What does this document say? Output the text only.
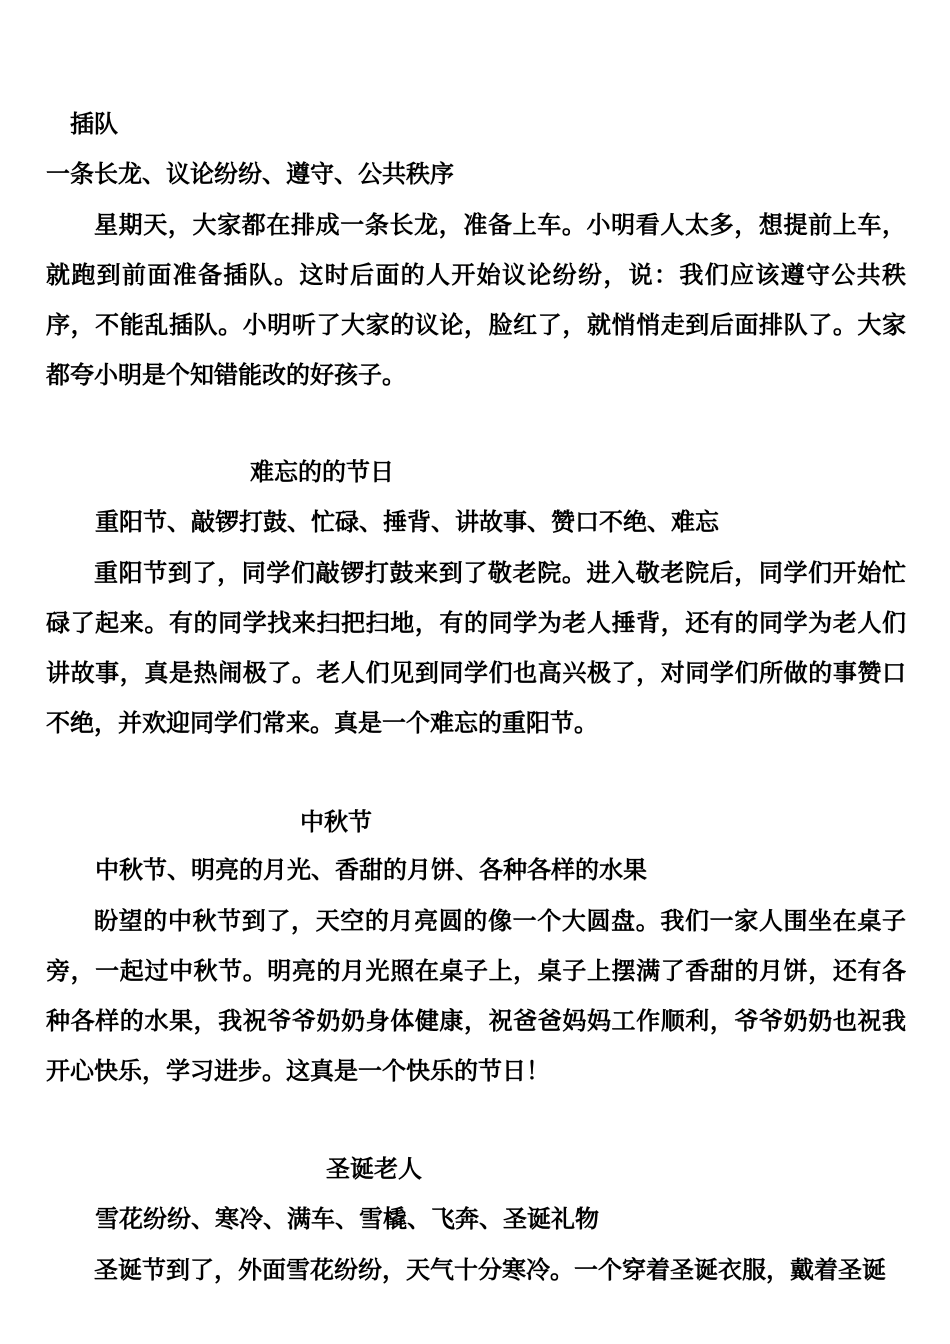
插队
一条长龙、议论纷纷、遵守、公共秩序

星期天，大家都在排成一条长龙，准备上车。小明看人太多，想提前上车，就跑到前面准备插队。这时后面的人开始议论纷纷，说：我们应该遵守公共秩序，不能乱插队。小明听了大家的议论，脸红了，就悄悄走到后面排队了。大家都夸小明是个知错能改的好孩子。

难忘的的节日
重阳节、敲锣打鼓、忙碌、捶背、讲故事、赞口不绝、难忘

重阳节到了，同学们敲锣打鼓来到了敬老院。进入敬老院后，同学们开始忙碌了起来。有的同学找来扫把扫地，有的同学为老人捶背，还有的同学为老人们讲故事，真是热闹极了。老人们见到同学们也高兴极了，对同学们所做的事赞口不绝，并欢迎同学们常来。真是一个难忘的重阳节。

中秋节
中秋节、明亮的月光、香甜的月饼、各种各样的水果

盼望的中秋节到了，天空的月亮圆的像一个大圆盘。我们一家人围坐在桌子旁，一起过中秋节。明亮的月光照在桌子上，桌子上摆满了香甜的月饼，还有各种各样的水果，我祝爷爷奶奶身体健康，祝爸爸妈妈工作顺利，爷爷奶奶也祝我开心快乐，学习进步。这真是一个快乐的节日！

圣诞老人
雪花纷纷、寒冷、满车、雪橇、飞奔、圣诞礼物

圣诞节到了，外面雪花纷纷，天气十分寒冷。一个穿着圣诞衣服，戴着圣诞
